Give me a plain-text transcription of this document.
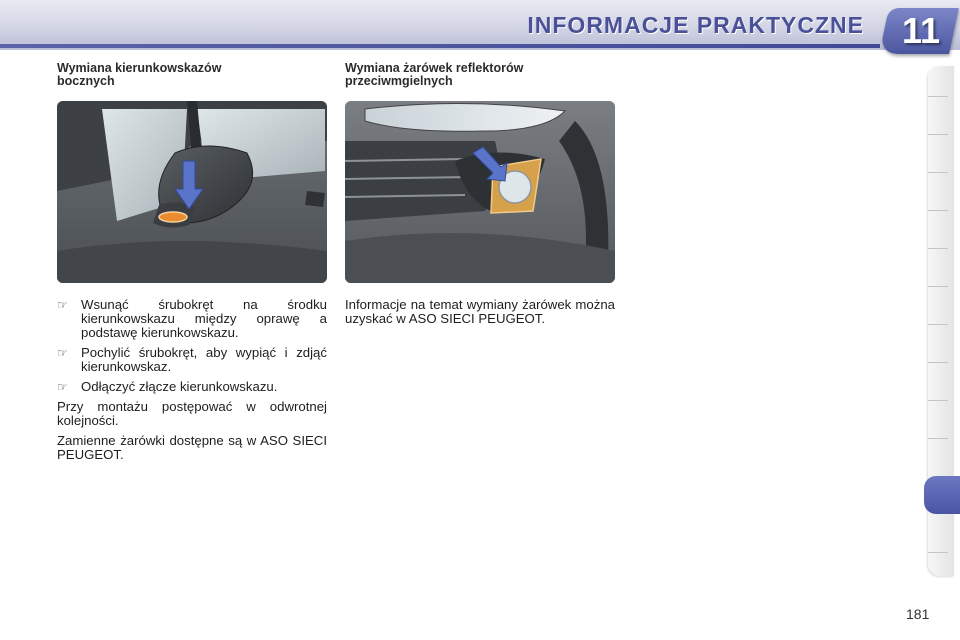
INFORMACJE PRAKTYCZNE 11

Wymiana kierunkowskazów
bocznych

Wymiana żarówek reflektorów
przeciwmgielnych

☞	Wsunąć śrubokręt na środku kierunkowskazu między oprawę a podstawę kierunkowskazu.
☞	Pochylić śrubokręt, aby wypiąć i zdjąć kierunkowskaz.
☞	Odłączyć złącze kierunkowskazu.

Przy montażu postępować w odwrotnej kolejności.

Zamienne żarówki dostępne są w ASO SIECI PEUGEOT.

Informacje na temat wymiany żarówek można uzyskać w ASO SIECI PEUGEOT.
181
